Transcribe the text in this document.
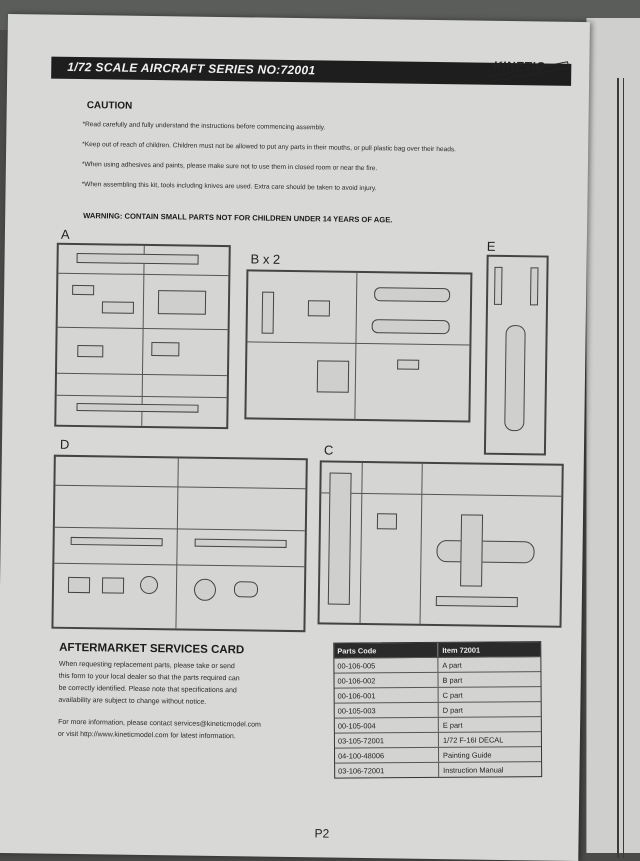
1/72 SCALE AIRCRAFT SERIES NO:72001	KINETIC
Model Kits
CAUTION
*Read carefully and fully understand the instructions before commencing assembly.
*Keep out of reach of children. Children must not be allowed to put any parts in their mouths, or pull plastic bag over their heads.
*When using adhesives and paints, please make sure not to use them in closed room or near the fire.
*When assembling this kit, tools including knives are used. Extra care should be taken to avoid injury.
WARNING: CONTAIN SMALL PARTS NOT FOR CHILDREN UNDER 14 YEARS OF AGE.
A
B x 2
E
D	C
AFTERMARKET SERVICES CARD
When requesting replacement parts, please take or send
this form to your local dealer so that the parts required can
be correctly identified. Please note that specifications and
availability are subject to change without notice.
For more information, please contact services@kineticmodel.com
or visit http://www.kineticmodel.com for latest information.
Parts Code	Item 72001
00-106-005	A part
00-106-002	B part
00-106-001	C part
00-105-003	D part
00-105-004	E part
03-105-72001	1/72 F-16I DECAL
04-100-48006	Painting Guide
03-106-72001	Instruction Manual
P2
